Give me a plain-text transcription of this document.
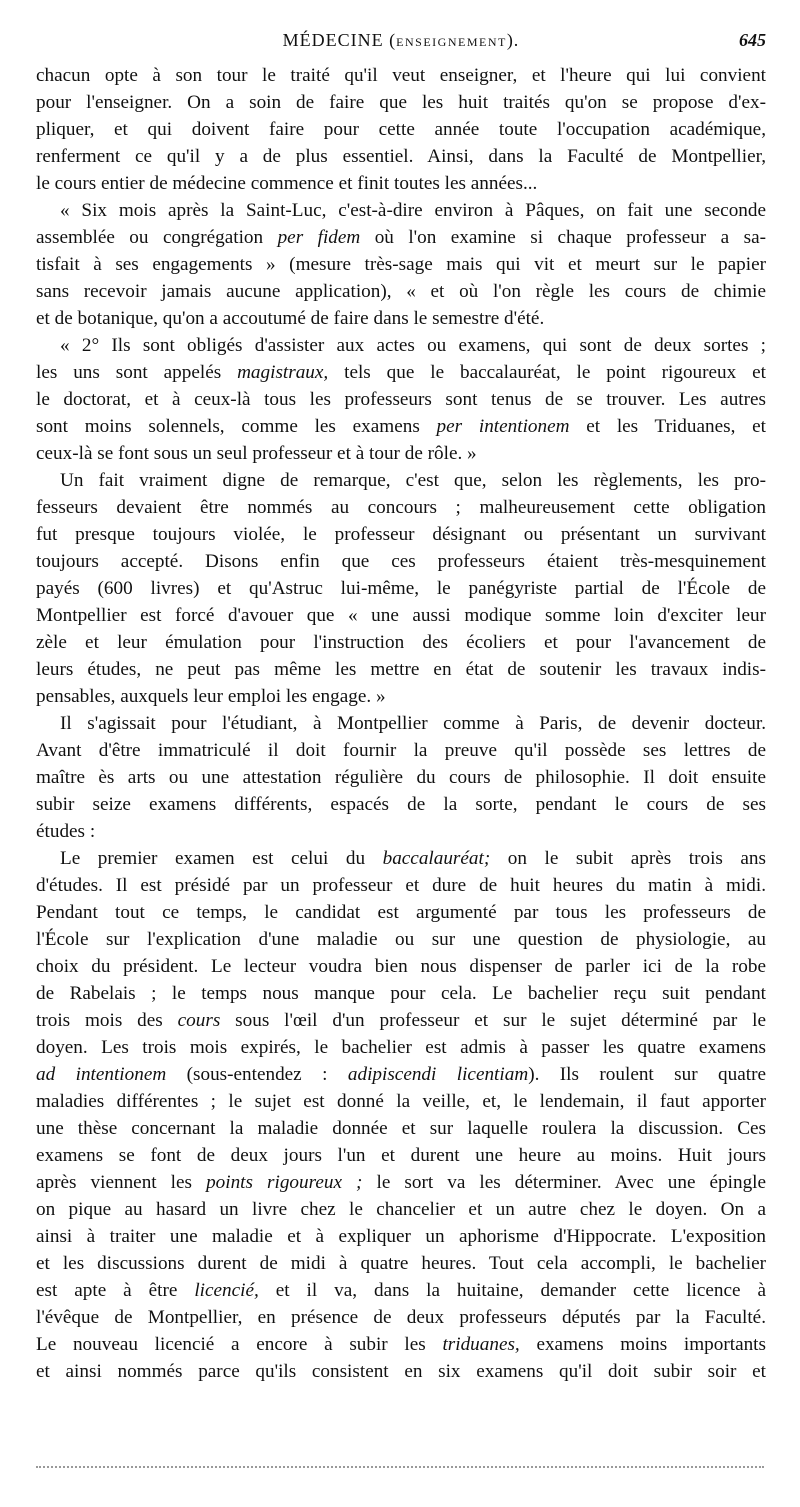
MÉDECINE (ENSEIGNEMENT).	645
chacun opte à son tour le traité qu'il veut enseigner, et l'heure qui lui convient
pour l'enseigner. On a soin de faire que les huit traités qu'on se propose d'ex-
pliquer, et qui doivent faire pour cette année toute l'occupation académique,
renferment ce qu'il y a de plus essentiel. Ainsi, dans la Faculté de Montpellier,
le cours entier de médecine commence et finit toutes les années...
« Six mois après la Saint-Luc, c'est-à-dire environ à Pâques, on fait une seconde
assemblée ou congrégation per fidem où l'on examine si chaque professeur a sa-
tisfait à ses engagements » (mesure très-sage mais qui vit et meurt sur le papier
sans recevoir jamais aucune application), « et où l'on règle les cours de chimie
et de botanique, qu'on a accoutumé de faire dans le semestre d'été.
« 2° Ils sont obligés d'assister aux actes ou examens, qui sont de deux sortes ;
les uns sont appelés magistraux, tels que le baccalauréat, le point rigoureux et
le doctorat, et à ceux-là tous les professeurs sont tenus de se trouver. Les autres
sont moins solennels, comme les examens per intentionem et les Triduanes, et
ceux-là se font sous un seul professeur et à tour de rôle. »
Un fait vraiment digne de remarque, c'est que, selon les règlements, les pro-
fesseurs devaient être nommés au concours ; malheureusement cette obligation
fut presque toujours violée, le professeur désignant ou présentant un survivant
toujours accepté. Disons enfin que ces professeurs étaient très-mesquinement
payés (600 livres) et qu'Astruc lui-même, le panégyriste partial de l'École de
Montpellier est forcé d'avouer que « une aussi modique somme loin d'exciter leur
zèle et leur émulation pour l'instruction des écoliers et pour l'avancement de
leurs études, ne peut pas même les mettre en état de soutenir les travaux indis-
pensables, auxquels leur emploi les engage. »
Il s'agissait pour l'étudiant, à Montpellier comme à Paris, de devenir docteur.
Avant d'être immatriculé il doit fournir la preuve qu'il possède ses lettres de
maître ès arts ou une attestation régulière du cours de philosophie. Il doit ensuite
subir seize examens différents, espacés de la sorte, pendant le cours de ses
études :
Le premier examen est celui du baccalauréat; on le subit après trois ans
d'études. Il est présidé par un professeur et dure de huit heures du matin à midi.
Pendant tout ce temps, le candidat est argumenté par tous les professeurs de
l'École sur l'explication d'une maladie ou sur une question de physiologie, au
choix du président. Le lecteur voudra bien nous dispenser de parler ici de la robe
de Rabelais ; le temps nous manque pour cela. Le bachelier reçu suit pendant
trois mois des cours sous l'œil d'un professeur et sur le sujet déterminé par le
doyen. Les trois mois expirés, le bachelier est admis à passer les quatre examens
ad intentionem (sous-entendez : adipiscendi licentiam). Ils roulent sur quatre
maladies différentes ; le sujet est donné la veille, et, le lendemain, il faut apporter
une thèse concernant la maladie donnée et sur laquelle roulera la discussion. Ces
examens se font de deux jours l'un et durent une heure au moins. Huit jours
après viennent les points rigoureux ; le sort va les déterminer. Avec une épingle
on pique au hasard un livre chez le chancelier et un autre chez le doyen. On a
ainsi à traiter une maladie et à expliquer un aphorisme d'Hippocrate. L'exposition
et les discussions durent de midi à quatre heures. Tout cela accompli, le bachelier
est apte à être licencié, et il va, dans la huitaine, demander cette licence à
l'évêque de Montpellier, en présence de deux professeurs députés par la Faculté.
Le nouveau licencié a encore à subir les triduanes, examens moins importants
et ainsi nommés parce qu'ils consistent en six examens qu'il doit subir soir et
